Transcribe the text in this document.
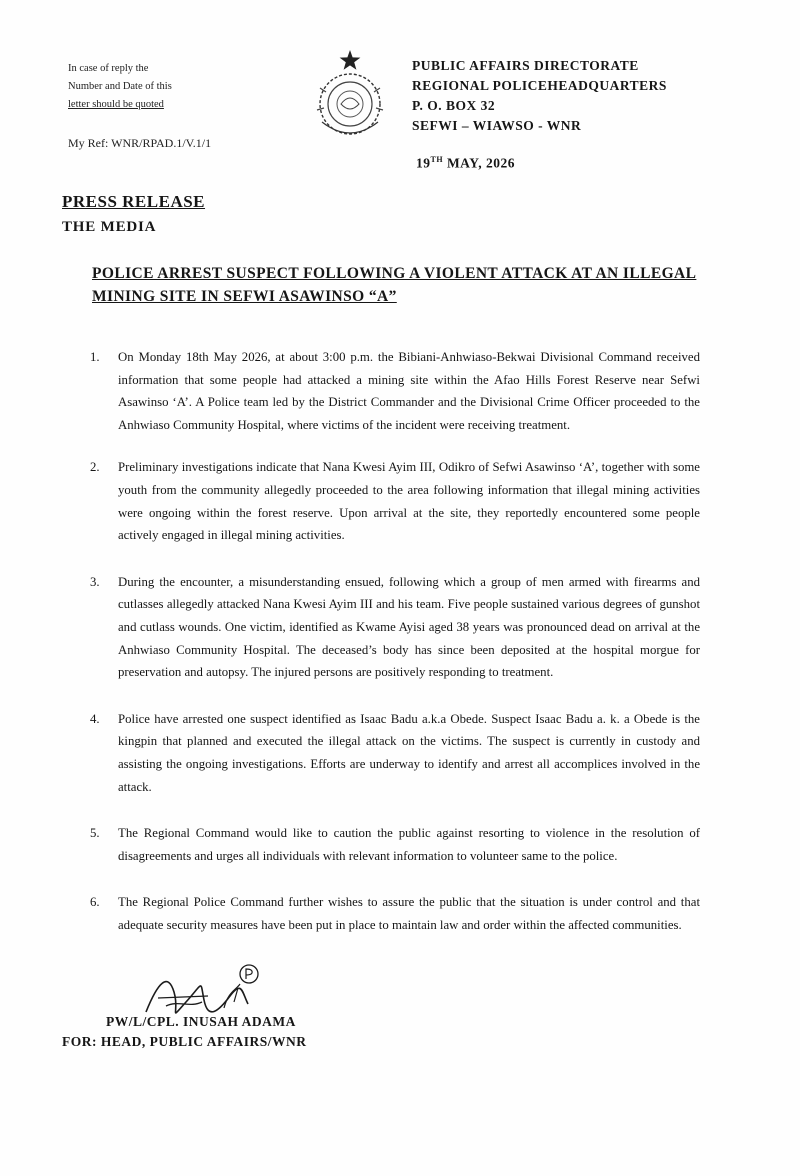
In case of reply the
Number and Date of this
letter should be quoted
My Ref: WNR/RPAD.1/V.1/1
PUBLIC AFFAIRS DIRECTORATE
REGIONAL POLICEHEADQUARTERS
P. O. BOX 32
SEFWI – WIAWSO - WNR
19TH MAY, 2026
PRESS RELEASE
THE MEDIA
POLICE ARREST SUSPECT FOLLOWING A VIOLENT ATTACK AT AN ILLEGAL MINING SITE IN SEFWI ASAWINSO “A”
1. On Monday 18th May 2026, at about 3:00 p.m. the Bibiani-Anhwiaso-Bekwai Divisional Command received information that some people had attacked a mining site within the Afao Hills Forest Reserve near Sefwi Asawinso ‘A’. A Police team led by the District Commander and the Divisional Crime Officer proceeded to the Anhwiaso Community Hospital, where victims of the incident were receiving treatment.
2. Preliminary investigations indicate that Nana Kwesi Ayim III, Odikro of Sefwi Asawinso ‘A’, together with some youth from the community allegedly proceeded to the area following information that illegal mining activities were ongoing within the forest reserve. Upon arrival at the site, they reportedly encountered some people actively engaged in illegal mining activities.
3. During the encounter, a misunderstanding ensued, following which a group of men armed with firearms and cutlasses allegedly attacked Nana Kwesi Ayim III and his team. Five people sustained various degrees of gunshot and cutlass wounds. One victim, identified as Kwame Ayisi aged 38 years was pronounced dead on arrival at the Anhwiaso Community Hospital. The deceased’s body has since been deposited at the hospital morgue for preservation and autopsy. The injured persons are positively responding to treatment.
4. Police have arrested one suspect identified as Isaac Badu a.k.a Obede. Suspect Isaac Badu a. k. a Obede is the kingpin that planned and executed the illegal attack on the victims. The suspect is currently in custody and assisting the ongoing investigations. Efforts are underway to identify and arrest all accomplices involved in the attack.
5. The Regional Command would like to caution the public against resorting to violence in the resolution of disagreements and urges all individuals with relevant information to volunteer same to the police.
6. The Regional Police Command further wishes to assure the public that the situation is under control and that adequate security measures have been put in place to maintain law and order within the affected communities.
PW/L/CPL. INUSAH ADAMA
FOR: HEAD, PUBLIC AFFAIRS/WNR
